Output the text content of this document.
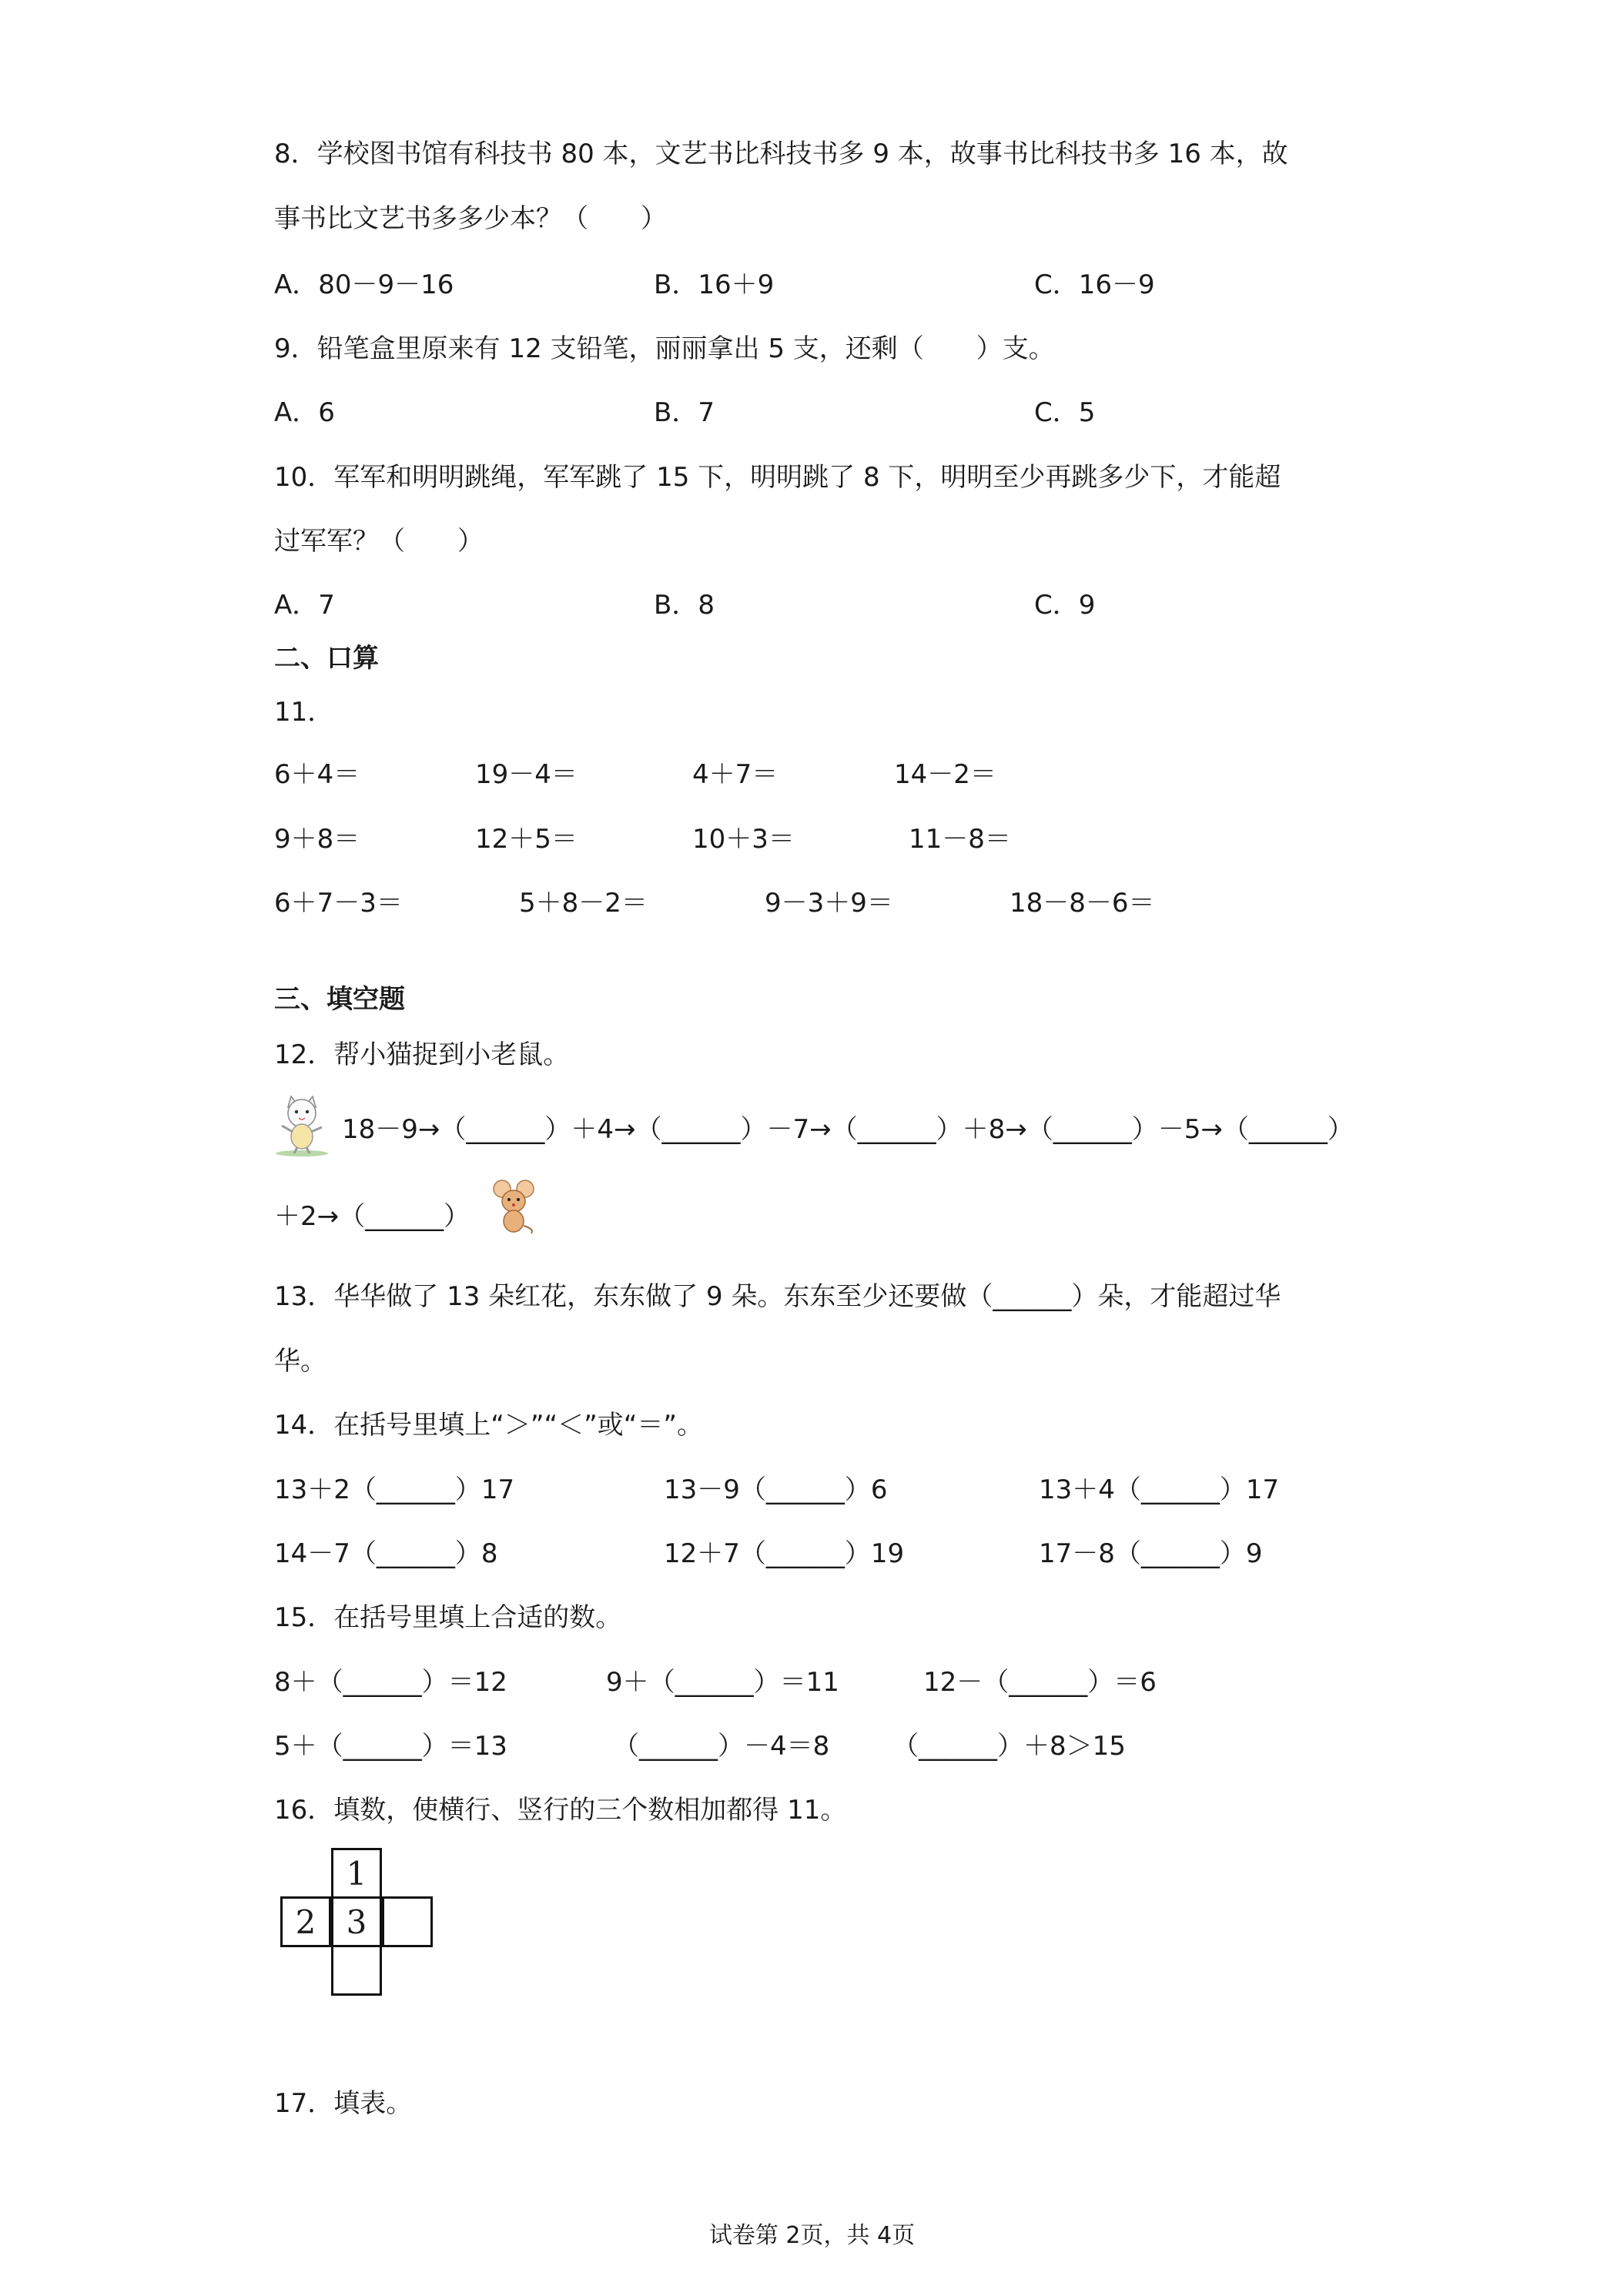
8．学校图书馆有科技书 80 本，文艺书比科技书多 9 本，故事书比科技书多 16 本，故
事书比文艺书多多少本？（　　）
A．80－9－16	B．16＋9	C．16－9
9．铅笔盒里原来有 12 支铅笔，丽丽拿出 5 支，还剩（　　）支。
A．6	B．7	C．5
10．军军和明明跳绳，军军跳了 15 下，明明跳了 8 下，明明至少再跳多少下，才能超
过军军？（　　）
A．7	B．8	C．9
二、口算
11．
6＋4＝	19－4＝	4＋7＝	14－2＝
9＋8＝	12＋5＝	10＋3＝	11－8＝
6＋7－3＝	5＋8－2＝	9－3＋9＝	18－8－6＝
三、填空题
12．帮小猫捉到小老鼠。
18－9→（______）＋4→（______）－7→（______）＋8→（______）－5→（______）
＋2→（______）
13．华华做了 13 朵红花，东东做了 9 朵。东东至少还要做（______）朵，才能超过华
华。
14．在括号里填上“＞”“＜”或“＝”。
13＋2（______）17	13－9（______）6	13＋4（______）17
14－7（______）8	12＋7（______）19	17－8（______）9
15．在括号里填上合适的数。
8＋（______）＝12	9＋（______）＝11	12－（______）＝6
5＋（______）＝13	（______）－4＝8 （______）＋8＞15
16．填数，使横行、竖行的三个数相加都得 11。
1
2 3
17．填表。
试卷第 2页，共 4页
